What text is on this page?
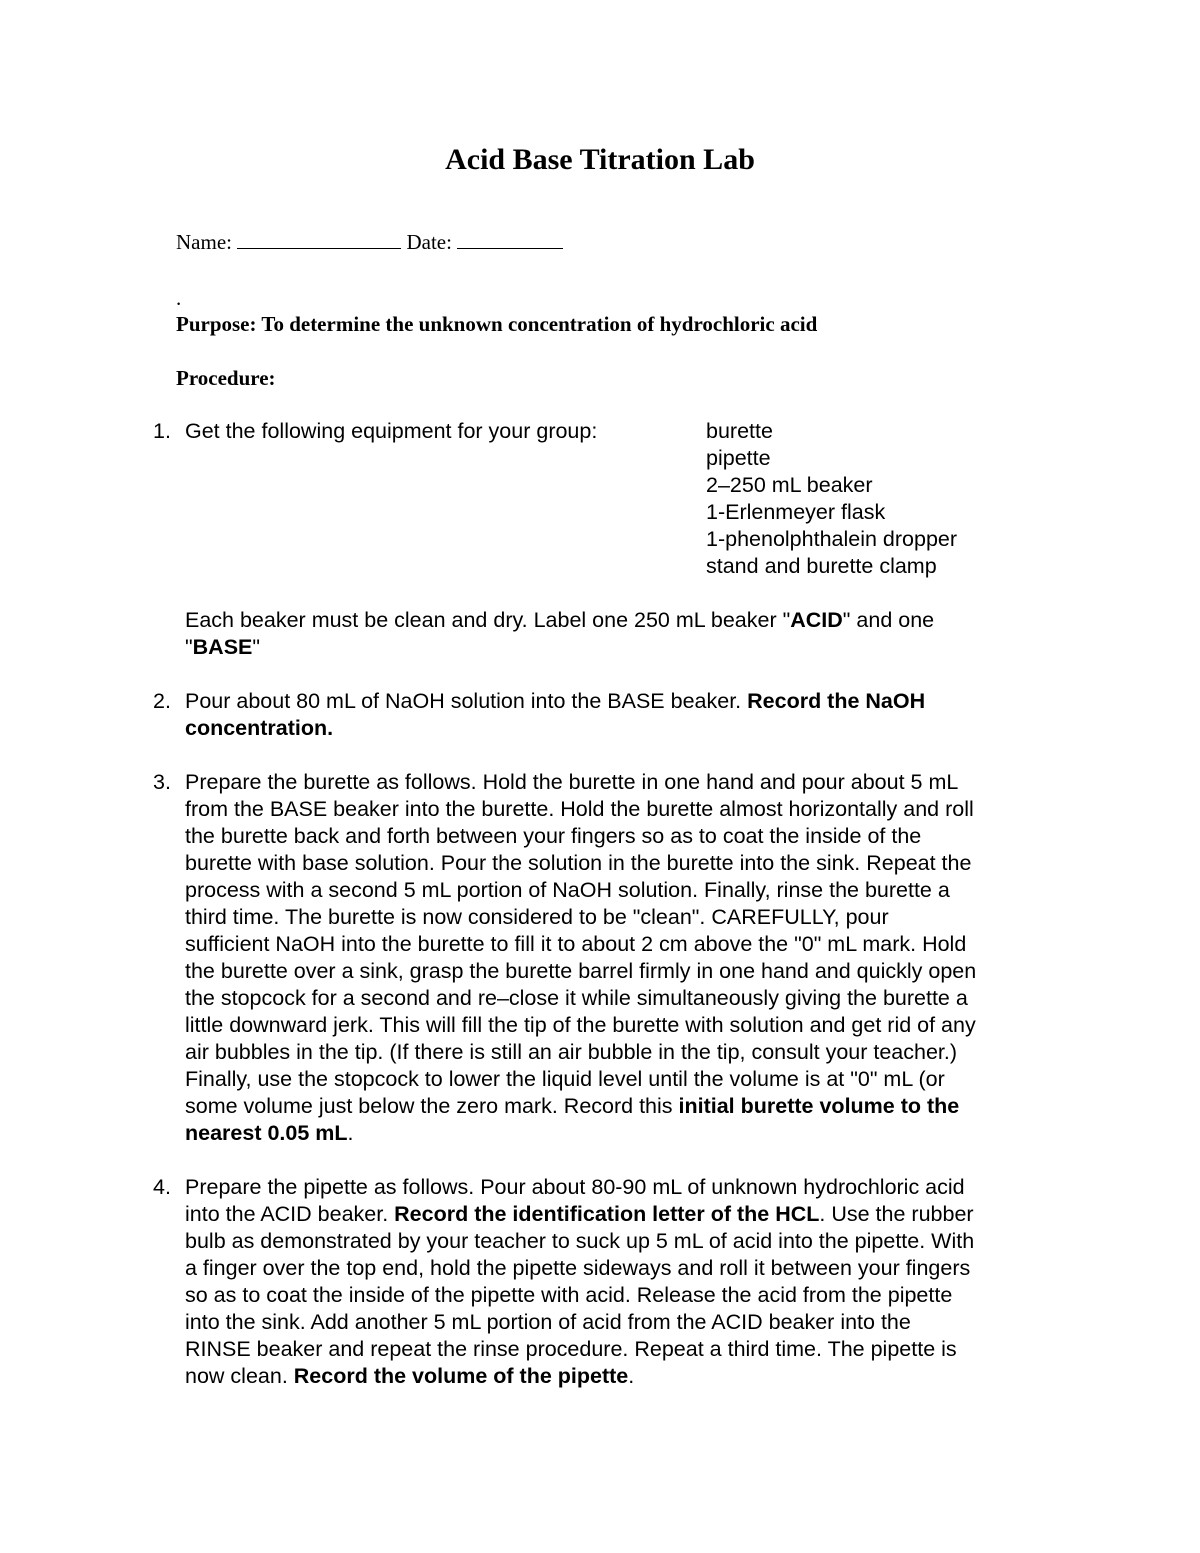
Acid Base Titration Lab
Name:	Date:
.
Purpose: To determine the unknown concentration of hydrochloric acid
Procedure:
1. Get the following equipment for your group:	burette
pipette
2–250 mL beaker
1-Erlenmeyer flask
1-phenolphthalein dropper
stand and burette clamp
Each beaker must be clean and dry. Label one 250 mL beaker "ACID" and one
"BASE"
2. Pour about 80 mL of NaOH solution into the BASE beaker. Record the NaOH
concentration.
3. Prepare the burette as follows. Hold the burette in one hand and pour about 5 mL
from the BASE beaker into the burette. Hold the burette almost horizontally and roll
the burette back and forth between your fingers so as to coat the inside of the
burette with base solution. Pour the solution in the burette into the sink. Repeat the
process with a second 5 mL portion of NaOH solution. Finally, rinse the burette a
third time. The burette is now considered to be "clean". CAREFULLY, pour
sufficient NaOH into the burette to fill it to about 2 cm above the "0" mL mark. Hold
the burette over a sink, grasp the burette barrel firmly in one hand and quickly open
the stopcock for a second and re–close it while simultaneously giving the burette a
little downward jerk. This will fill the tip of the burette with solution and get rid of any
air bubbles in the tip. (If there is still an air bubble in the tip, consult your teacher.)
Finally, use the stopcock to lower the liquid level until the volume is at "0" mL (or
some volume just below the zero mark. Record this initial burette volume to the
nearest 0.05 mL.
4. Prepare the pipette as follows. Pour about 80-90 mL of unknown hydrochloric acid
into the ACID beaker. Record the identification letter of the HCL. Use the rubber
bulb as demonstrated by your teacher to suck up 5 mL of acid into the pipette. With
a finger over the top end, hold the pipette sideways and roll it between your fingers
so as to coat the inside of the pipette with acid. Release the acid from the pipette
into the sink. Add another 5 mL portion of acid from the ACID beaker into the
RINSE beaker and repeat the rinse procedure. Repeat a third time. The pipette is
now clean. Record the volume of the pipette.
